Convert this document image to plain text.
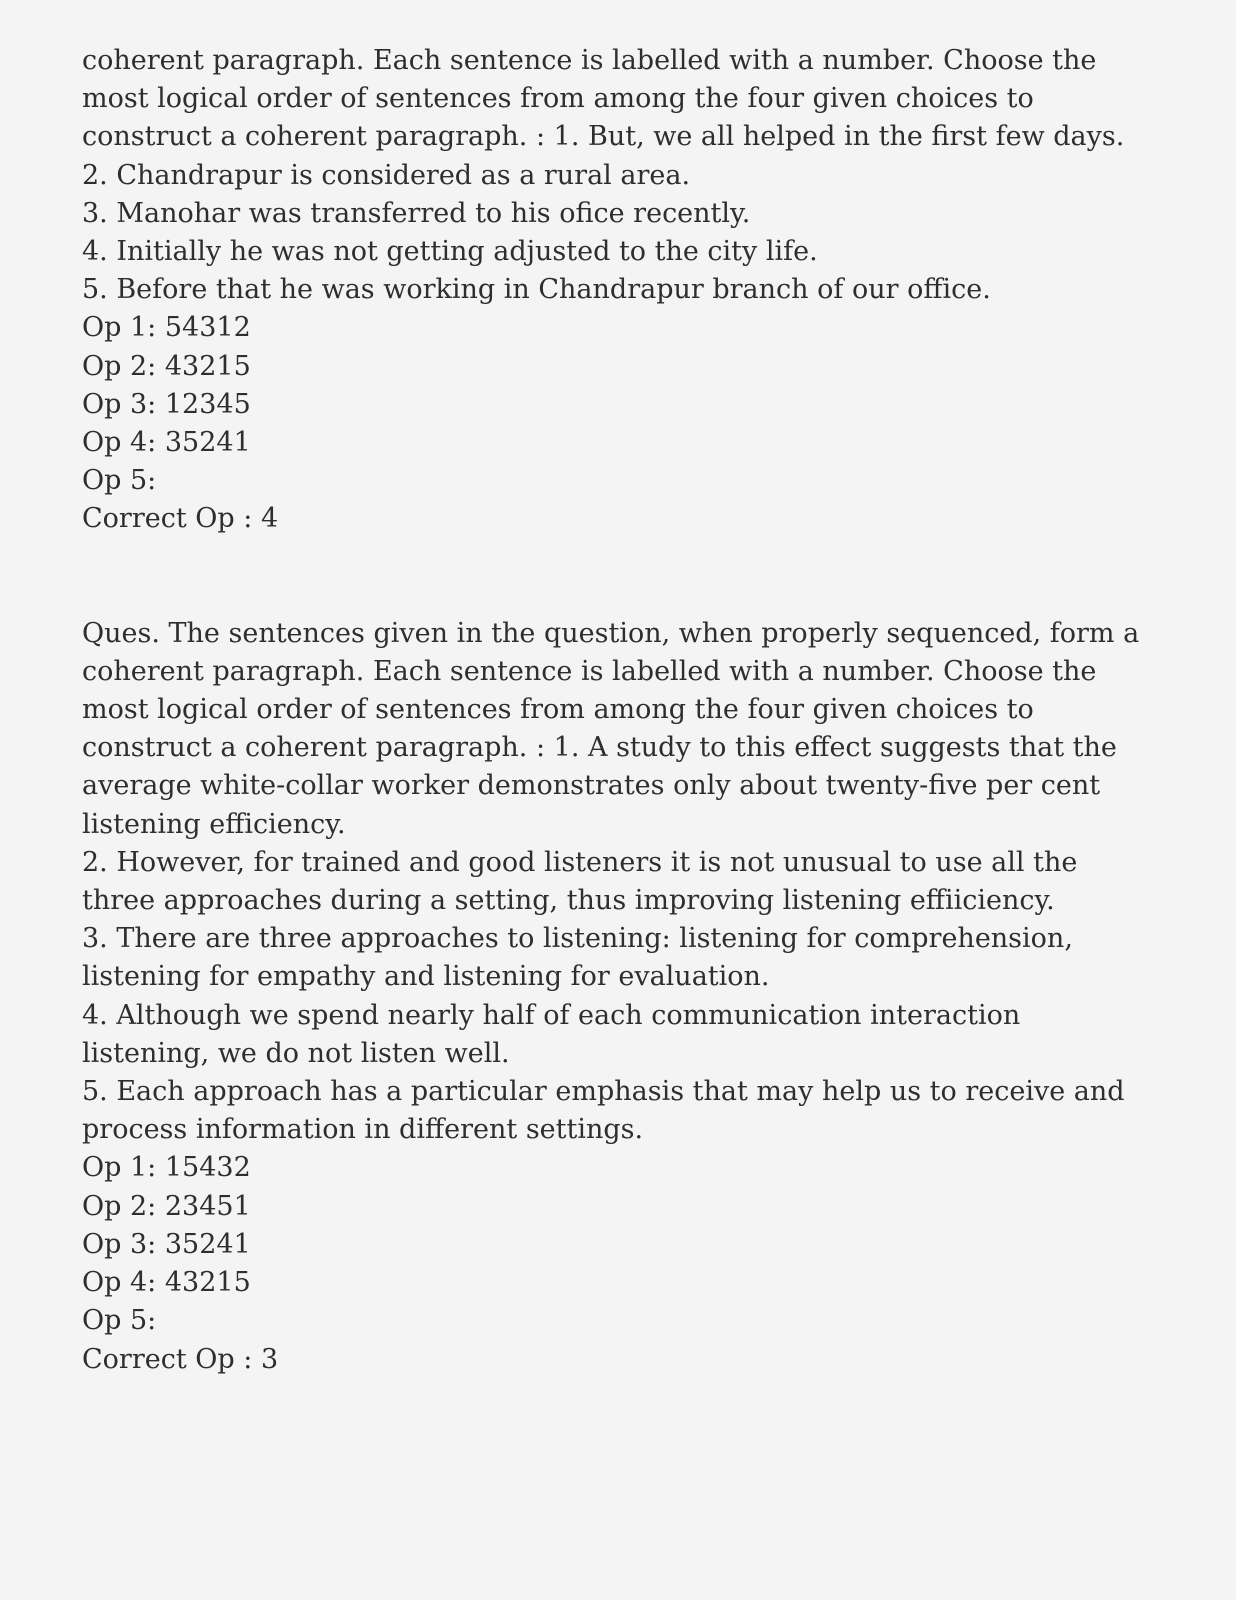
coherent paragraph. Each sentence is labelled with a number. Choose the
most logical order of sentences from among the four given choices to
construct a coherent paragraph. : 1. But, we all helped in the first few days.
2. Chandrapur is considered as a rural area.
3. Manohar was transferred to his ofice recently.
4. Initially he was not getting adjusted to the city life.
5. Before that he was working in Chandrapur branch of our office.
Op 1: 54312
Op 2: 43215
Op 3: 12345
Op 4: 35241
Op 5:
Correct Op : 4
Ques. The sentences given in the question, when properly sequenced, form a
coherent paragraph. Each sentence is labelled with a number. Choose the
most logical order of sentences from among the four given choices to
construct a coherent paragraph. : 1. A study to this effect suggests that the
average white-collar worker demonstrates only about twenty-five per cent
listening efficiency.
2. However, for trained and good listeners it is not unusual to use all the
three approaches during a setting, thus improving listening effiiciency.
3. There are three approaches to listening: listening for comprehension,
listening for empathy and listening for evaluation.
4. Although we spend nearly half of each communication interaction
listening, we do not listen well.
5. Each approach has a particular emphasis that may help us to receive and
process information in different settings.
Op 1: 15432
Op 2: 23451
Op 3: 35241
Op 4: 43215
Op 5:
Correct Op : 3
